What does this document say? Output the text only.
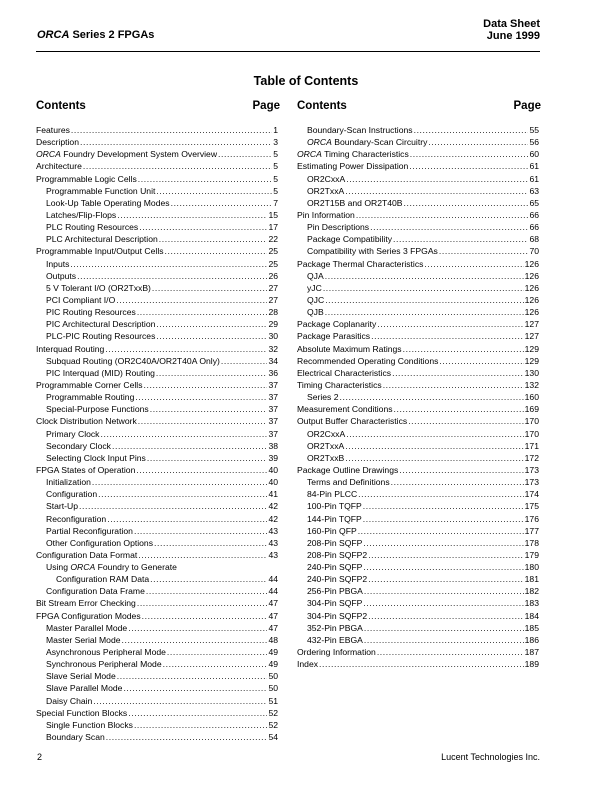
ORCA Series 2 FPGAs
Data Sheet
June 1999
Table of Contents
Contents	Page Contents	Page
Features .....	1
Description .....	3
ORCA Foundry Development System Overview .....	5
Architecture .....	5
Programmable Logic Cells .....	5
Programmable Function Unit .....	5
Look-Up Table Operating Modes .....	7
Latches/Flip-Flops .....	15
PLC Routing Resources .....	17
PLC Architectural Description .....	22
Programmable Input/Output Cells .....	25
Inputs .....	25
Outputs .....	26
5 V Tolerant I/O (OR2TxxB) .....	27
PCI Compliant I/O .....	27
PIC Routing Resources .....	28
PIC Architectural Description .....	29
PLC-PIC Routing Resources .....	30
Interquad Routing .....	32
Subquad Routing (OR2C40A/OR2T40A Only) .....	34
PIC Interquad (MID) Routing .....	36
Programmable Corner Cells .....	37
Programmable Routing .....	37
Special-Purpose Functions .....	37
Clock Distribution Network .....	37
Primary Clock .....	37
Secondary Clock .....	38
Selecting Clock Input Pins .....	39
FPGA States of Operation .....	40
Initialization .....	40
Configuration .....	41
Start-Up .....	42
Reconfiguration .....	42
Partial Reconfiguration .....	43
Other Configuration Options .....	43
Configuration Data Format .....	43
Using ORCA Foundry to Generate
Configuration RAM Data .....	44
Configuration Data Frame .....	44
Bit Stream Error Checking .....	47
FPGA Configuration Modes .....	47
Master Parallel Mode .....	47
Master Serial Mode .....	48
Asynchronous Peripheral Mode .....	49
Synchronous Peripheral Mode .....	49
Slave Serial Mode .....	50
Slave Parallel Mode .....	50
Daisy Chain .....	51
Special Function Blocks .....	52
Single Function Blocks .....	52
Boundary Scan .....	54
Boundary-Scan Instructions .....	55
ORCA Boundary-Scan Circuitry .....	56
ORCA Timing Characteristics .....	60
Estimating Power Dissipation .....	61
OR2CxxA .....	61
OR2TxxA .....	63
OR2T15B and OR2T40B .....	65
Pin Information .....	66
Pin Descriptions .....	66
Package Compatibility .....	68
Compatibility with Series 3 FPGAs .....	70
Package Thermal Characteristics .....	126
QJA .....	126
yJC .....	126
QJC .....	126
QJB .....	126
Package Coplanarity .....	127
Package Parasitics .....	127
Absolute Maximum Ratings .....	129
Recommended Operating Conditions .....	129
Electrical Characteristics .....	130
Timing Characteristics .....	132
Series 2 .....	160
Measurement Conditions .....	169
Output Buffer Characteristics .....	170
OR2CxxA .....	170
OR2TxxA .....	171
OR2TxxB .....	172
Package Outline Drawings .....	173
Terms and Definitions .....	173
84-Pin PLCC .....	174
100-Pin TQFP .....	175
144-Pin TQFP .....	176
160-Pin QFP .....	177
208-Pin SQFP .....	178
208-Pin SQFP2 .....	179
240-Pin SQFP .....	180
240-Pin SQFP2 .....	181
256-Pin PBGA .....	182
304-Pin SQFP .....	183
304-Pin SQFP2 .....	184
352-Pin PBGA .....	185
432-Pin EBGA .....	186
Ordering Information .....	187
Index .....	189
2	Lucent Technologies Inc.
